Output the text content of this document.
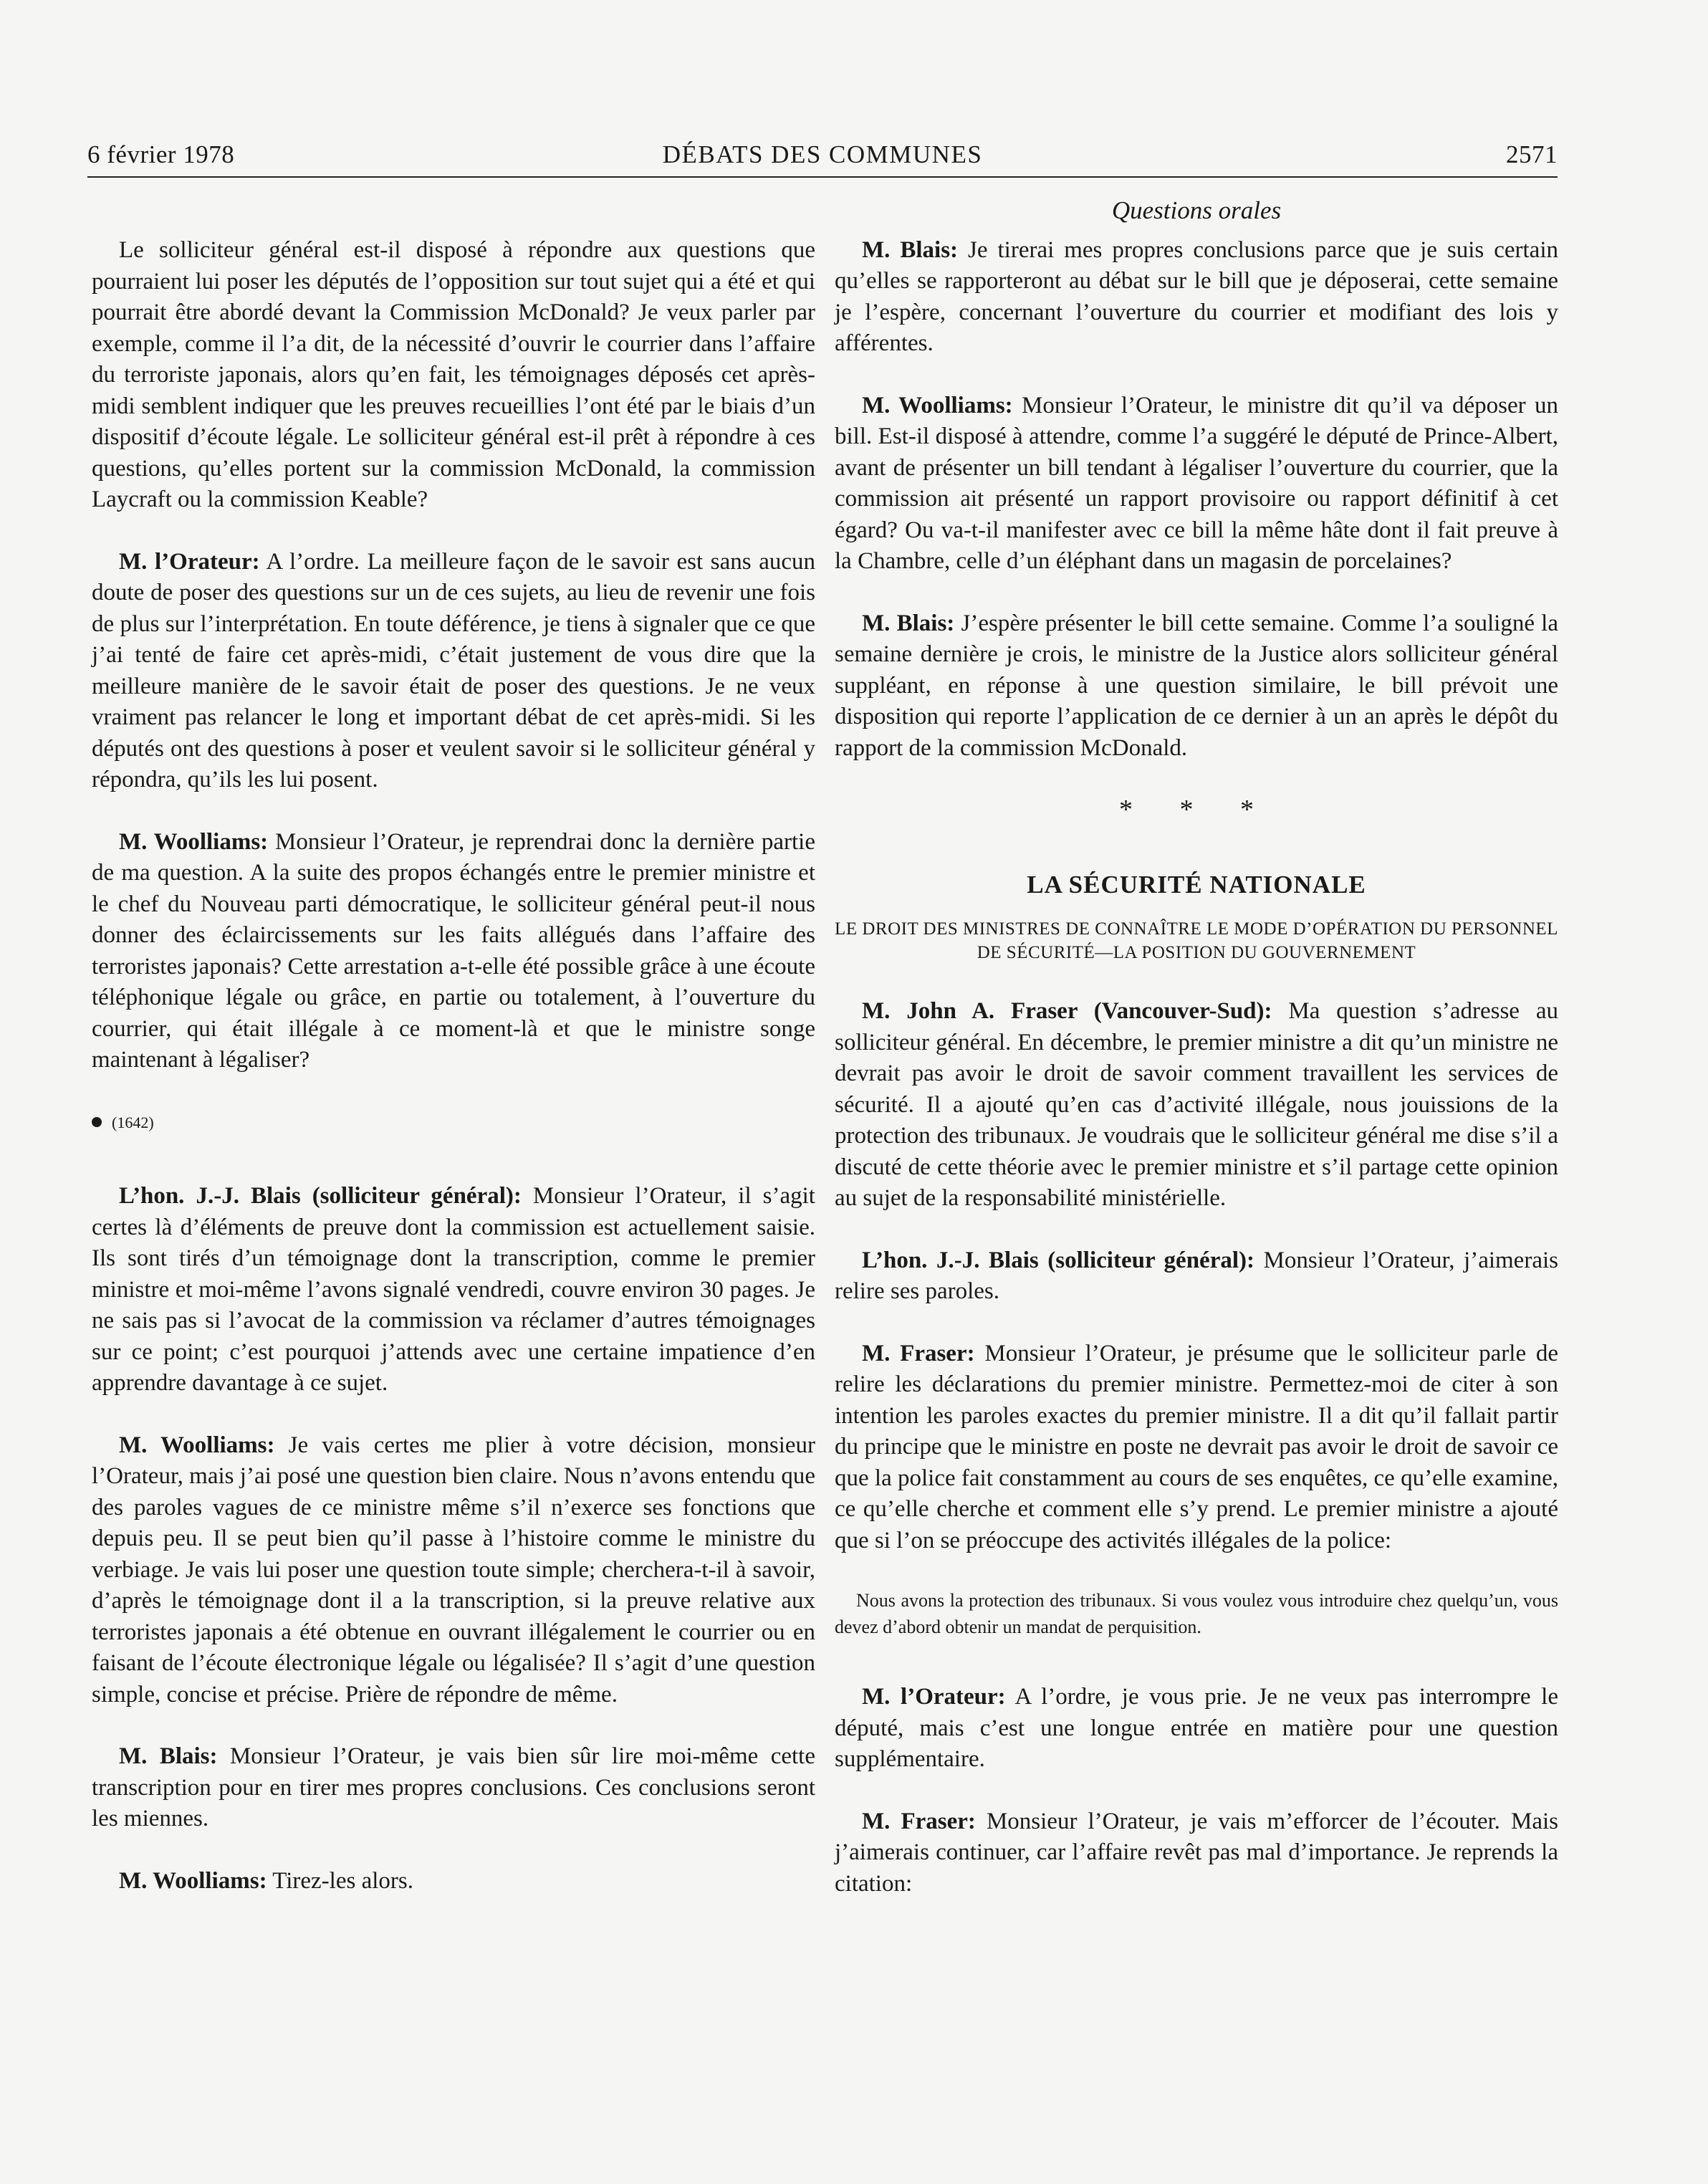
6 février 1978	DÉBATS DES COMMUNES	2571

Le solliciteur général est-il disposé à répondre aux questions que pourraient lui poser les députés de l’opposition sur tout sujet qui a été et qui pourrait être abordé devant la Commission McDonald? Je veux parler par exemple, comme il l’a dit, de la nécessité d’ouvrir le courrier dans l’affaire du terroriste japonais, alors qu’en fait, les témoignages déposés cet après-midi semblent indiquer que les preuves recueillies l’ont été par le biais d’un dispositif d’écoute légale. Le solliciteur général est-il prêt à répondre à ces questions, qu’elles portent sur la commission McDonald, la commission Laycraft ou la commission Keable?

M. l’Orateur: A l’ordre. La meilleure façon de le savoir est sans aucun doute de poser des questions sur un de ces sujets, au lieu de revenir une fois de plus sur l’interprétation. En toute déférence, je tiens à signaler que ce que j’ai tenté de faire cet après-midi, c’était justement de vous dire que la meilleure manière de le savoir était de poser des questions. Je ne veux vraiment pas relancer le long et important débat de cet après-midi. Si les députés ont des questions à poser et veulent savoir si le solliciteur général y répondra, qu’ils les lui posent.

M. Woolliams: Monsieur l’Orateur, je reprendrai donc la dernière partie de ma question. A la suite des propos échangés entre le premier ministre et le chef du Nouveau parti démocratique, le solliciteur général peut-il nous donner des éclaircissements sur les faits allégués dans l’affaire des terroristes japonais? Cette arrestation a-t-elle été possible grâce à une écoute téléphonique légale ou grâce, en partie ou totalement, à l’ouverture du courrier, qui était illégale à ce moment-là et que le ministre songe maintenant à légaliser?

(1642)

L’hon. J.-J. Blais (solliciteur général): Monsieur l’Orateur, il s’agit certes là d’éléments de preuve dont la commission est actuellement saisie. Ils sont tirés d’un témoignage dont la transcription, comme le premier ministre et moi-même l’avons signalé vendredi, couvre environ 30 pages. Je ne sais pas si l’avocat de la commission va réclamer d’autres témoignages sur ce point; c’est pourquoi j’attends avec une certaine impatience d’en apprendre davantage à ce sujet.

M. Woolliams: Je vais certes me plier à votre décision, monsieur l’Orateur, mais j’ai posé une question bien claire. Nous n’avons entendu que des paroles vagues de ce ministre même s’il n’exerce ses fonctions que depuis peu. Il se peut bien qu’il passe à l’histoire comme le ministre du verbiage. Je vais lui poser une question toute simple; cherchera-t-il à savoir, d’après le témoignage dont il a la transcription, si la preuve relative aux terroristes japonais a été obtenue en ouvrant illégalement le courrier ou en faisant de l’écoute électronique légale ou légalisée? Il s’agit d’une question simple, concise et précise. Prière de répondre de même.

M. Blais: Monsieur l’Orateur, je vais bien sûr lire moi-même cette transcription pour en tirer mes propres conclusions. Ces conclusions seront les miennes.

M. Woolliams: Tirez-les alors.

Questions orales

M. Blais: Je tirerai mes propres conclusions parce que je suis certain qu’elles se rapporteront au débat sur le bill que je déposerai, cette semaine je l’espère, concernant l’ouverture du courrier et modifiant des lois y afférentes.

M. Woolliams: Monsieur l’Orateur, le ministre dit qu’il va déposer un bill. Est-il disposé à attendre, comme l’a suggéré le député de Prince-Albert, avant de présenter un bill tendant à légaliser l’ouverture du courrier, que la commission ait présenté un rapport provisoire ou rapport définitif à cet égard? Ou va-t-il manifester avec ce bill la même hâte dont il fait preuve à la Chambre, celle d’un éléphant dans un magasin de porcelaines?

M. Blais: J’espère présenter le bill cette semaine. Comme l’a souligné la semaine dernière je crois, le ministre de la Justice alors solliciteur général suppléant, en réponse à une question similaire, le bill prévoit une disposition qui reporte l’application de ce dernier à un an après le dépôt du rapport de la commission McDonald.

* * *
LA SÉCURITÉ NATIONALE
LE DROIT DES MINISTRES DE CONNAÎTRE LE MODE D’OPÉRATION DU PERSONNEL DE SÉCURITÉ—LA POSITION DU GOUVERNEMENT

M. John A. Fraser (Vancouver-Sud): Ma question s’adresse au solliciteur général. En décembre, le premier ministre a dit qu’un ministre ne devrait pas avoir le droit de savoir comment travaillent les services de sécurité. Il a ajouté qu’en cas d’activité illégale, nous jouissions de la protection des tribunaux. Je voudrais que le solliciteur général me dise s’il a discuté de cette théorie avec le premier ministre et s’il partage cette opinion au sujet de la responsabilité ministérielle.

L’hon. J.-J. Blais (solliciteur général): Monsieur l’Orateur, j’aimerais relire ses paroles.

M. Fraser: Monsieur l’Orateur, je présume que le solliciteur parle de relire les déclarations du premier ministre. Permettez-moi de citer à son intention les paroles exactes du premier ministre. Il a dit qu’il fallait partir du principe que le ministre en poste ne devrait pas avoir le droit de savoir ce que la police fait constamment au cours de ses enquêtes, ce qu’elle examine, ce qu’elle cherche et comment elle s’y prend. Le premier ministre a ajouté que si l’on se préoccupe des activités illégales de la police:

Nous avons la protection des tribunaux. Si vous voulez vous introduire chez quelqu’un, vous devez d’abord obtenir un mandat de perquisition.

M. l’Orateur: A l’ordre, je vous prie. Je ne veux pas interrompre le député, mais c’est une longue entrée en matière pour une question supplémentaire.

M. Fraser: Monsieur l’Orateur, je vais m’efforcer de l’écouter. Mais j’aimerais continuer, car l’affaire revêt pas mal d’importance. Je reprends la citation:
